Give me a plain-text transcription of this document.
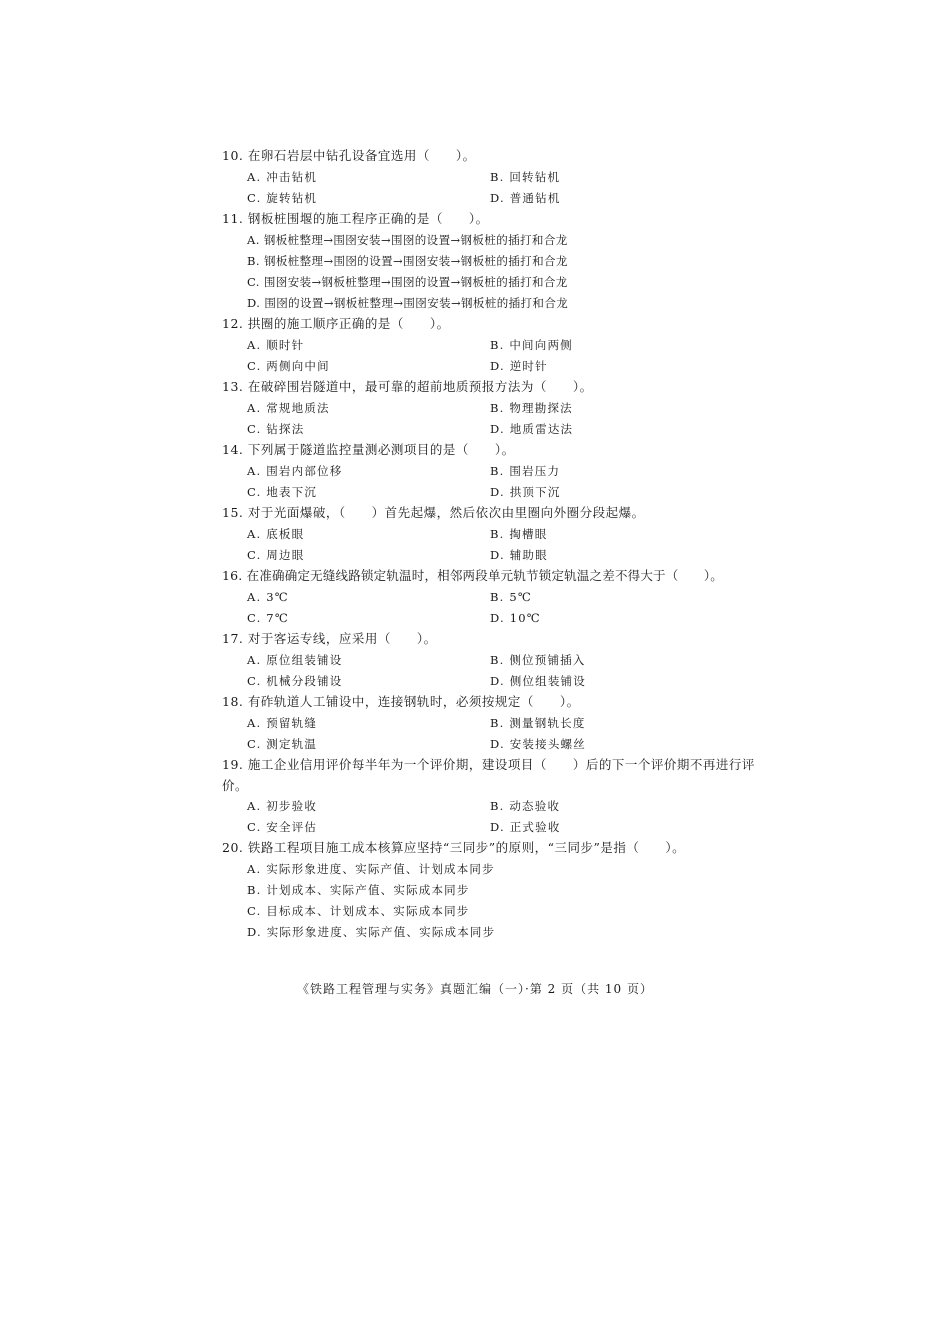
10. 在卵石岩层中钻孔设备宜选用（　　）。
A. 冲击钻机	B. 回转钻机
C. 旋转钻机	D. 普通钻机
11. 钢板桩围堰的施工程序正确的是（　　）。
A. 钢板桩整理→围囹安装→围囹的设置→钢板桩的插打和合龙
B. 钢板桩整理→围囹的设置→围囹安装→钢板桩的插打和合龙
C. 围囹安装→钢板桩整理→围囹的设置→钢板桩的插打和合龙
D. 围囹的设置→钢板桩整理→围囹安装→钢板桩的插打和合龙
12. 拱圈的施工顺序正确的是（　　）。
A. 顺时针	B. 中间向两侧
C. 两侧向中间	D. 逆时针
13. 在破碎围岩隧道中，最可靠的超前地质预报方法为（　　）。
A. 常规地质法	B. 物理勘探法
C. 钻探法	D. 地质雷达法
14. 下列属于隧道监控量测必测项目的是（　　）。
A. 围岩内部位移	B. 围岩压力
C. 地表下沉	D. 拱顶下沉
15. 对于光面爆破，（　　）首先起爆，然后依次由里圈向外圈分段起爆。
A. 底板眼	B. 掏槽眼
C. 周边眼	D. 辅助眼
16. 在准确确定无缝线路锁定轨温时，相邻两段单元轨节锁定轨温之差不得大于（　　）。
A. 3℃	B. 5℃
C. 7℃	D. 10℃
17. 对于客运专线，应采用（　　）。
A. 原位组装铺设	B. 侧位预铺插入
C. 机械分段铺设	D. 侧位组装铺设
18. 有砟轨道人工铺设中，连接钢轨时，必须按规定（　　）。
A. 预留轨缝	B. 测量钢轨长度
C. 测定轨温	D. 安装接头螺丝
19. 施工企业信用评价每半年为一个评价期，建设项目（　　）后的下一个评价期不再进行评价。
A. 初步验收	B. 动态验收
C. 安全评估	D. 正式验收
20. 铁路工程项目施工成本核算应坚持“三同步”的原则，“三同步”是指（　　）。
A. 实际形象进度、实际产值、计划成本同步
B. 计划成本、实际产值、实际成本同步
C. 目标成本、计划成本、实际成本同步
D. 实际形象进度、实际产值、实际成本同步
《铁路工程管理与实务》真题汇编（一）·第 2 页（共 10 页）
